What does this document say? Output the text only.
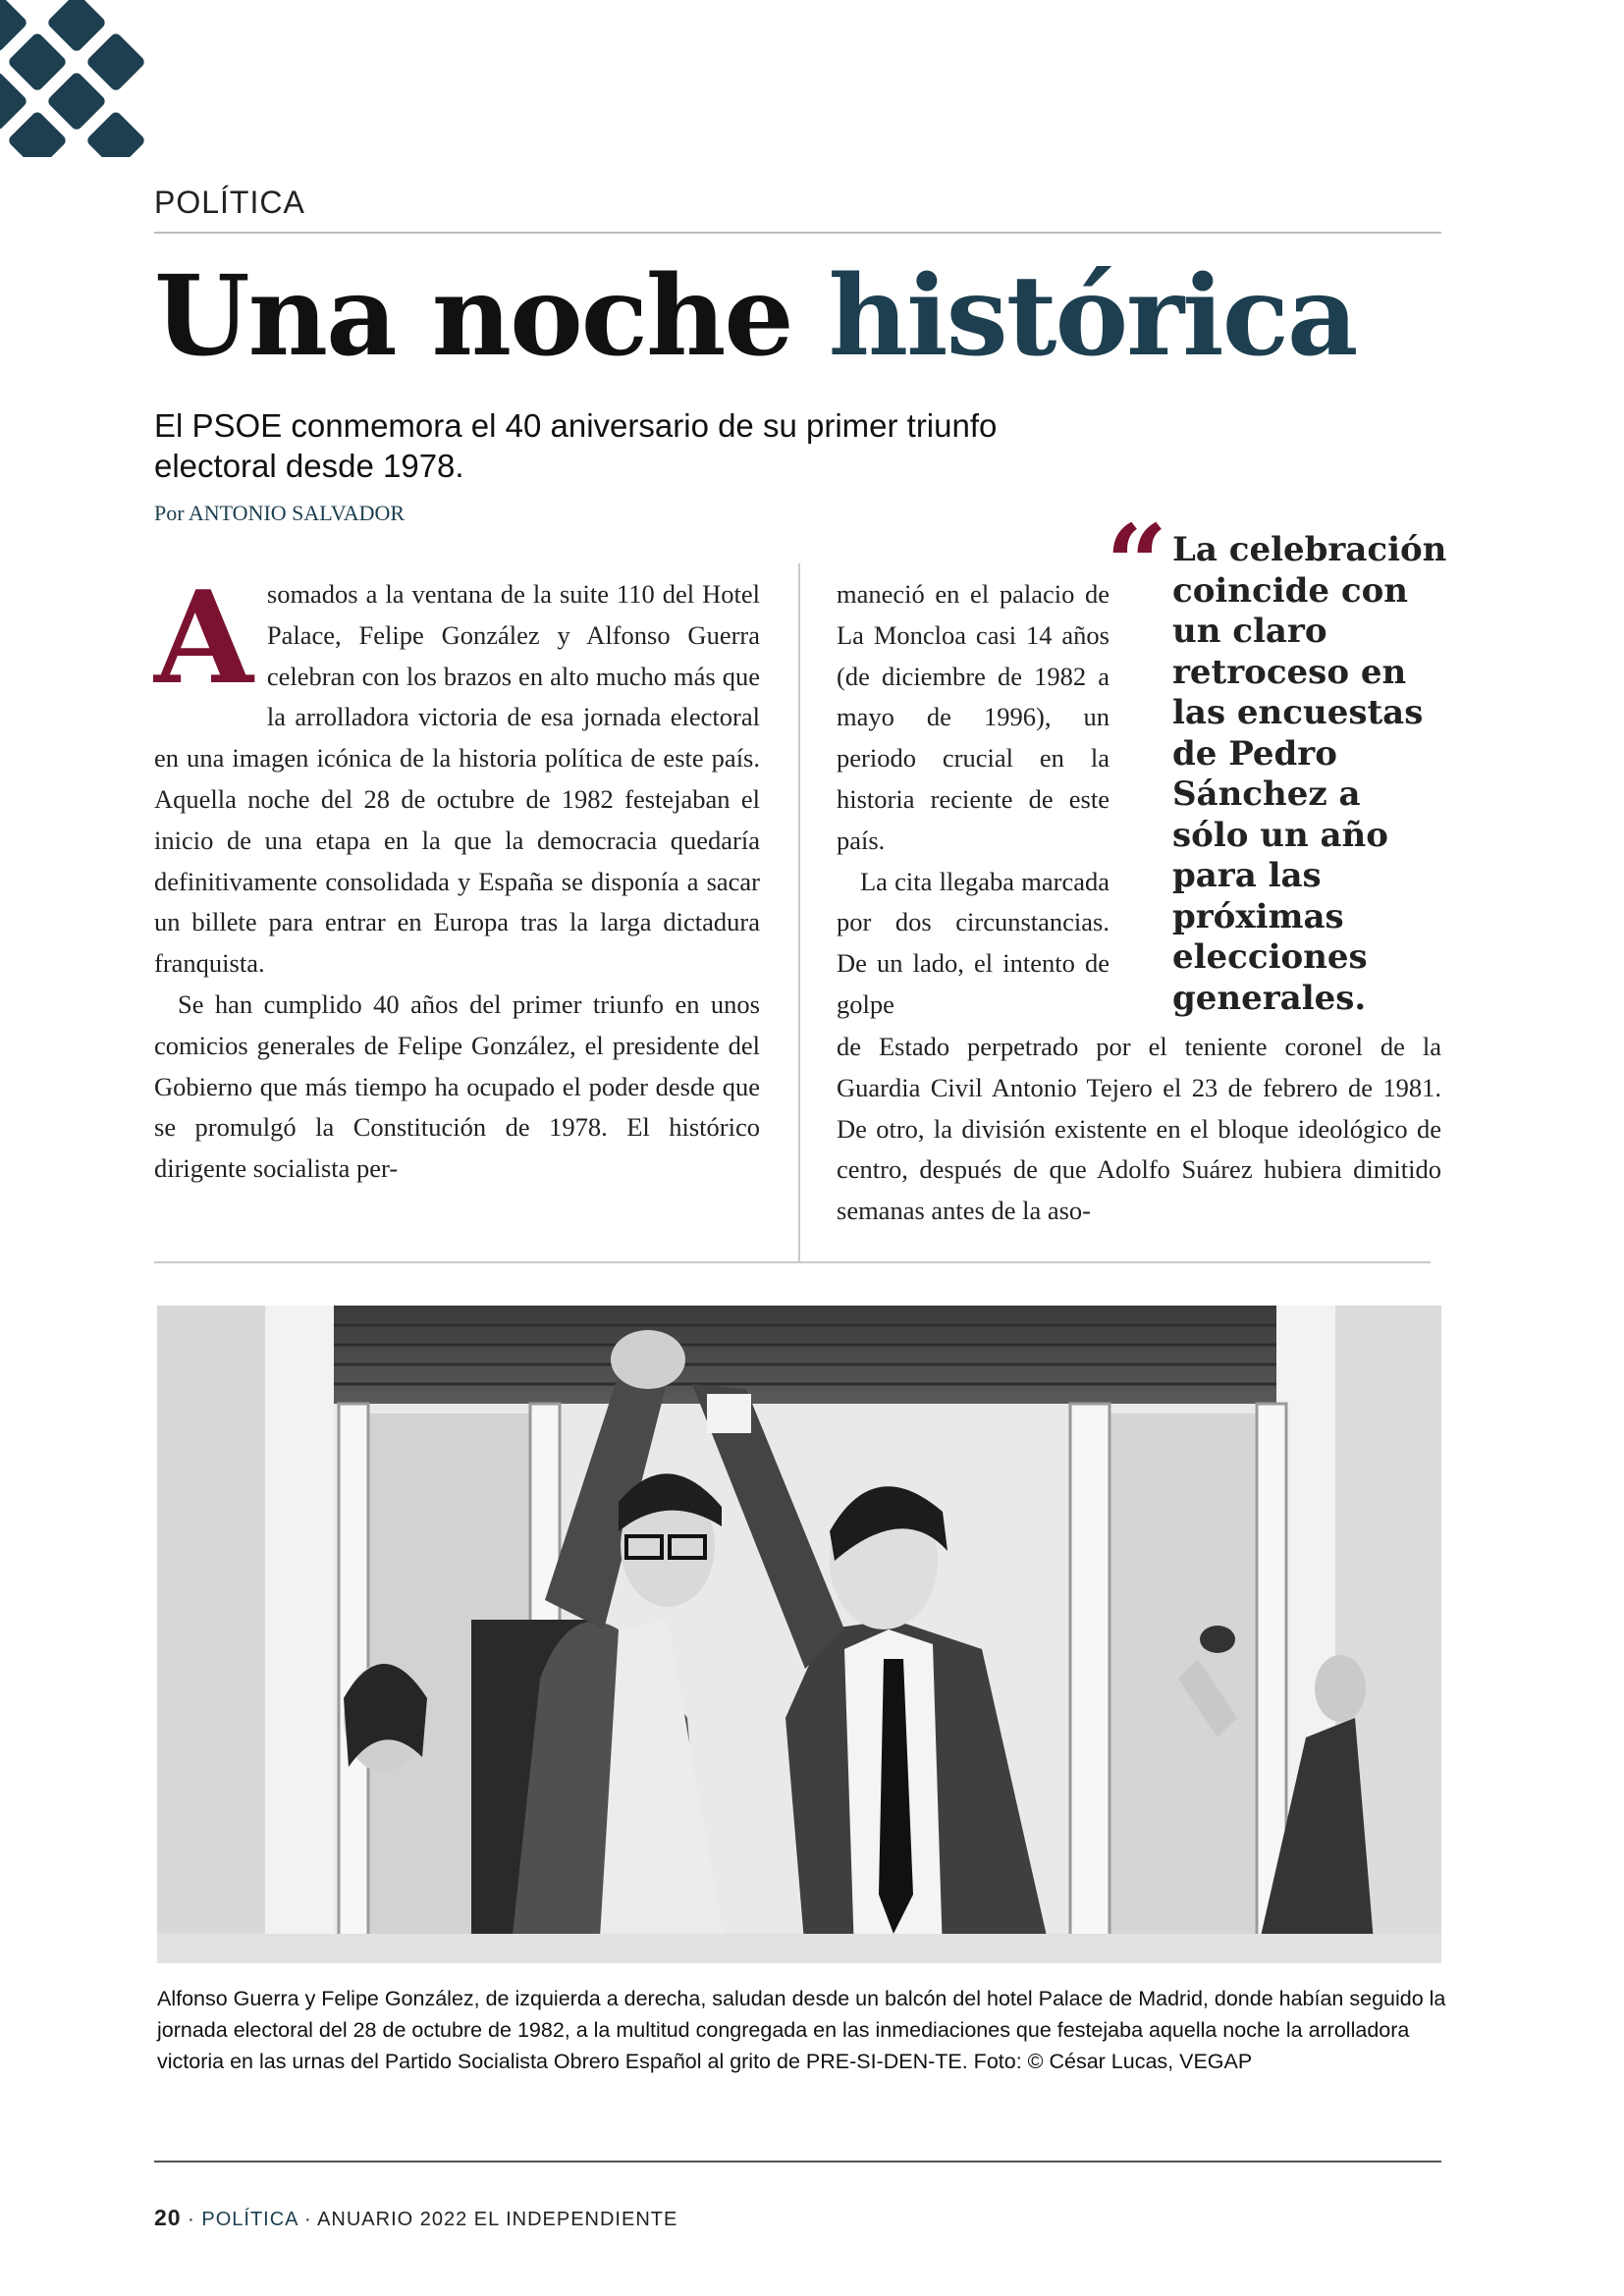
POLÍTICA
Una noche histórica
El PSOE conmemora el 40 aniversario de su primer triunfo electoral desde 1978.
Por ANTONIO SALVADOR

Asomados a la ventana de la suite 110 del Hotel Palace, Felipe González y Alfonso Guerra celebran con los brazos en alto mucho más que la arrolladora victoria de esa jornada electoral en una imagen icónica de la historia política de este país. Aquella noche del 28 de octubre de 1982 festejaban el inicio de una etapa en la que la democracia quedaría definitivamente consolidada y España se disponía a sacar un billete para entrar en Europa tras la larga dictadura franquista.

Se han cumplido 40 años del primer triunfo en unos comicios generales de Felipe González, el presidente del Gobierno que más tiempo ha ocupado el poder desde que se promulgó la Constitución de 1978. El histórico dirigente socialista per-

maneció en el palacio de La Moncloa casi 14 años (de diciembre de 1982 a mayo de 1996), un periodo crucial en la historia reciente de este país.

La cita llegaba marcada por dos circunstancias. De un lado, el intento de golpe

“ La celebración coincide con un claro retroceso en las encuestas de Pedro Sánchez a sólo un año para las próximas elecciones generales.

de Estado perpetrado por el teniente coronel de la Guardia Civil Antonio Tejero el 23 de febrero de 1981. De otro, la división existente en el bloque ideológico de centro, después de que Adolfo Suárez hubiera dimitido semanas antes de la aso-

Alfonso Guerra y Felipe González, de izquierda a derecha, saludan desde un balcón del hotel Palace de Madrid, donde habían seguido la jornada electoral del 28 de octubre de 1982, a la multitud congregada en las inmediaciones que festejaba aquella noche la arrolladora victoria en las urnas del Partido Socialista Obrero Español al grito de PRE-SI-DEN-TE. Foto: © César Lucas, VEGAP
20 · POLÍTICA · ANUARIO 2022 EL INDEPENDIENTE
